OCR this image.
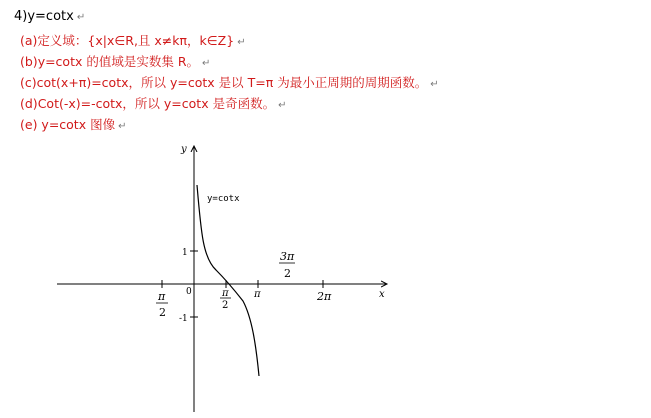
4)y=cotx ↵
(a)定义域：{x|x∈R,且 x≠kπ，k∈Z} ↵
(b)y=cotx 的值域是实数集 R。 ↵
(c)cot(x+π)=cotx，所以 y=cotx 是以 T=π 为最小正周期的周期函数。 ↵
(d)Cot(-x)=-cotx，所以 y=cotx 是奇函数。 ↵
(e) y=cotx 图像 ↵
x
y
0
y=cotx
1
-1
π
2
π
2
π	2π
3π
2
